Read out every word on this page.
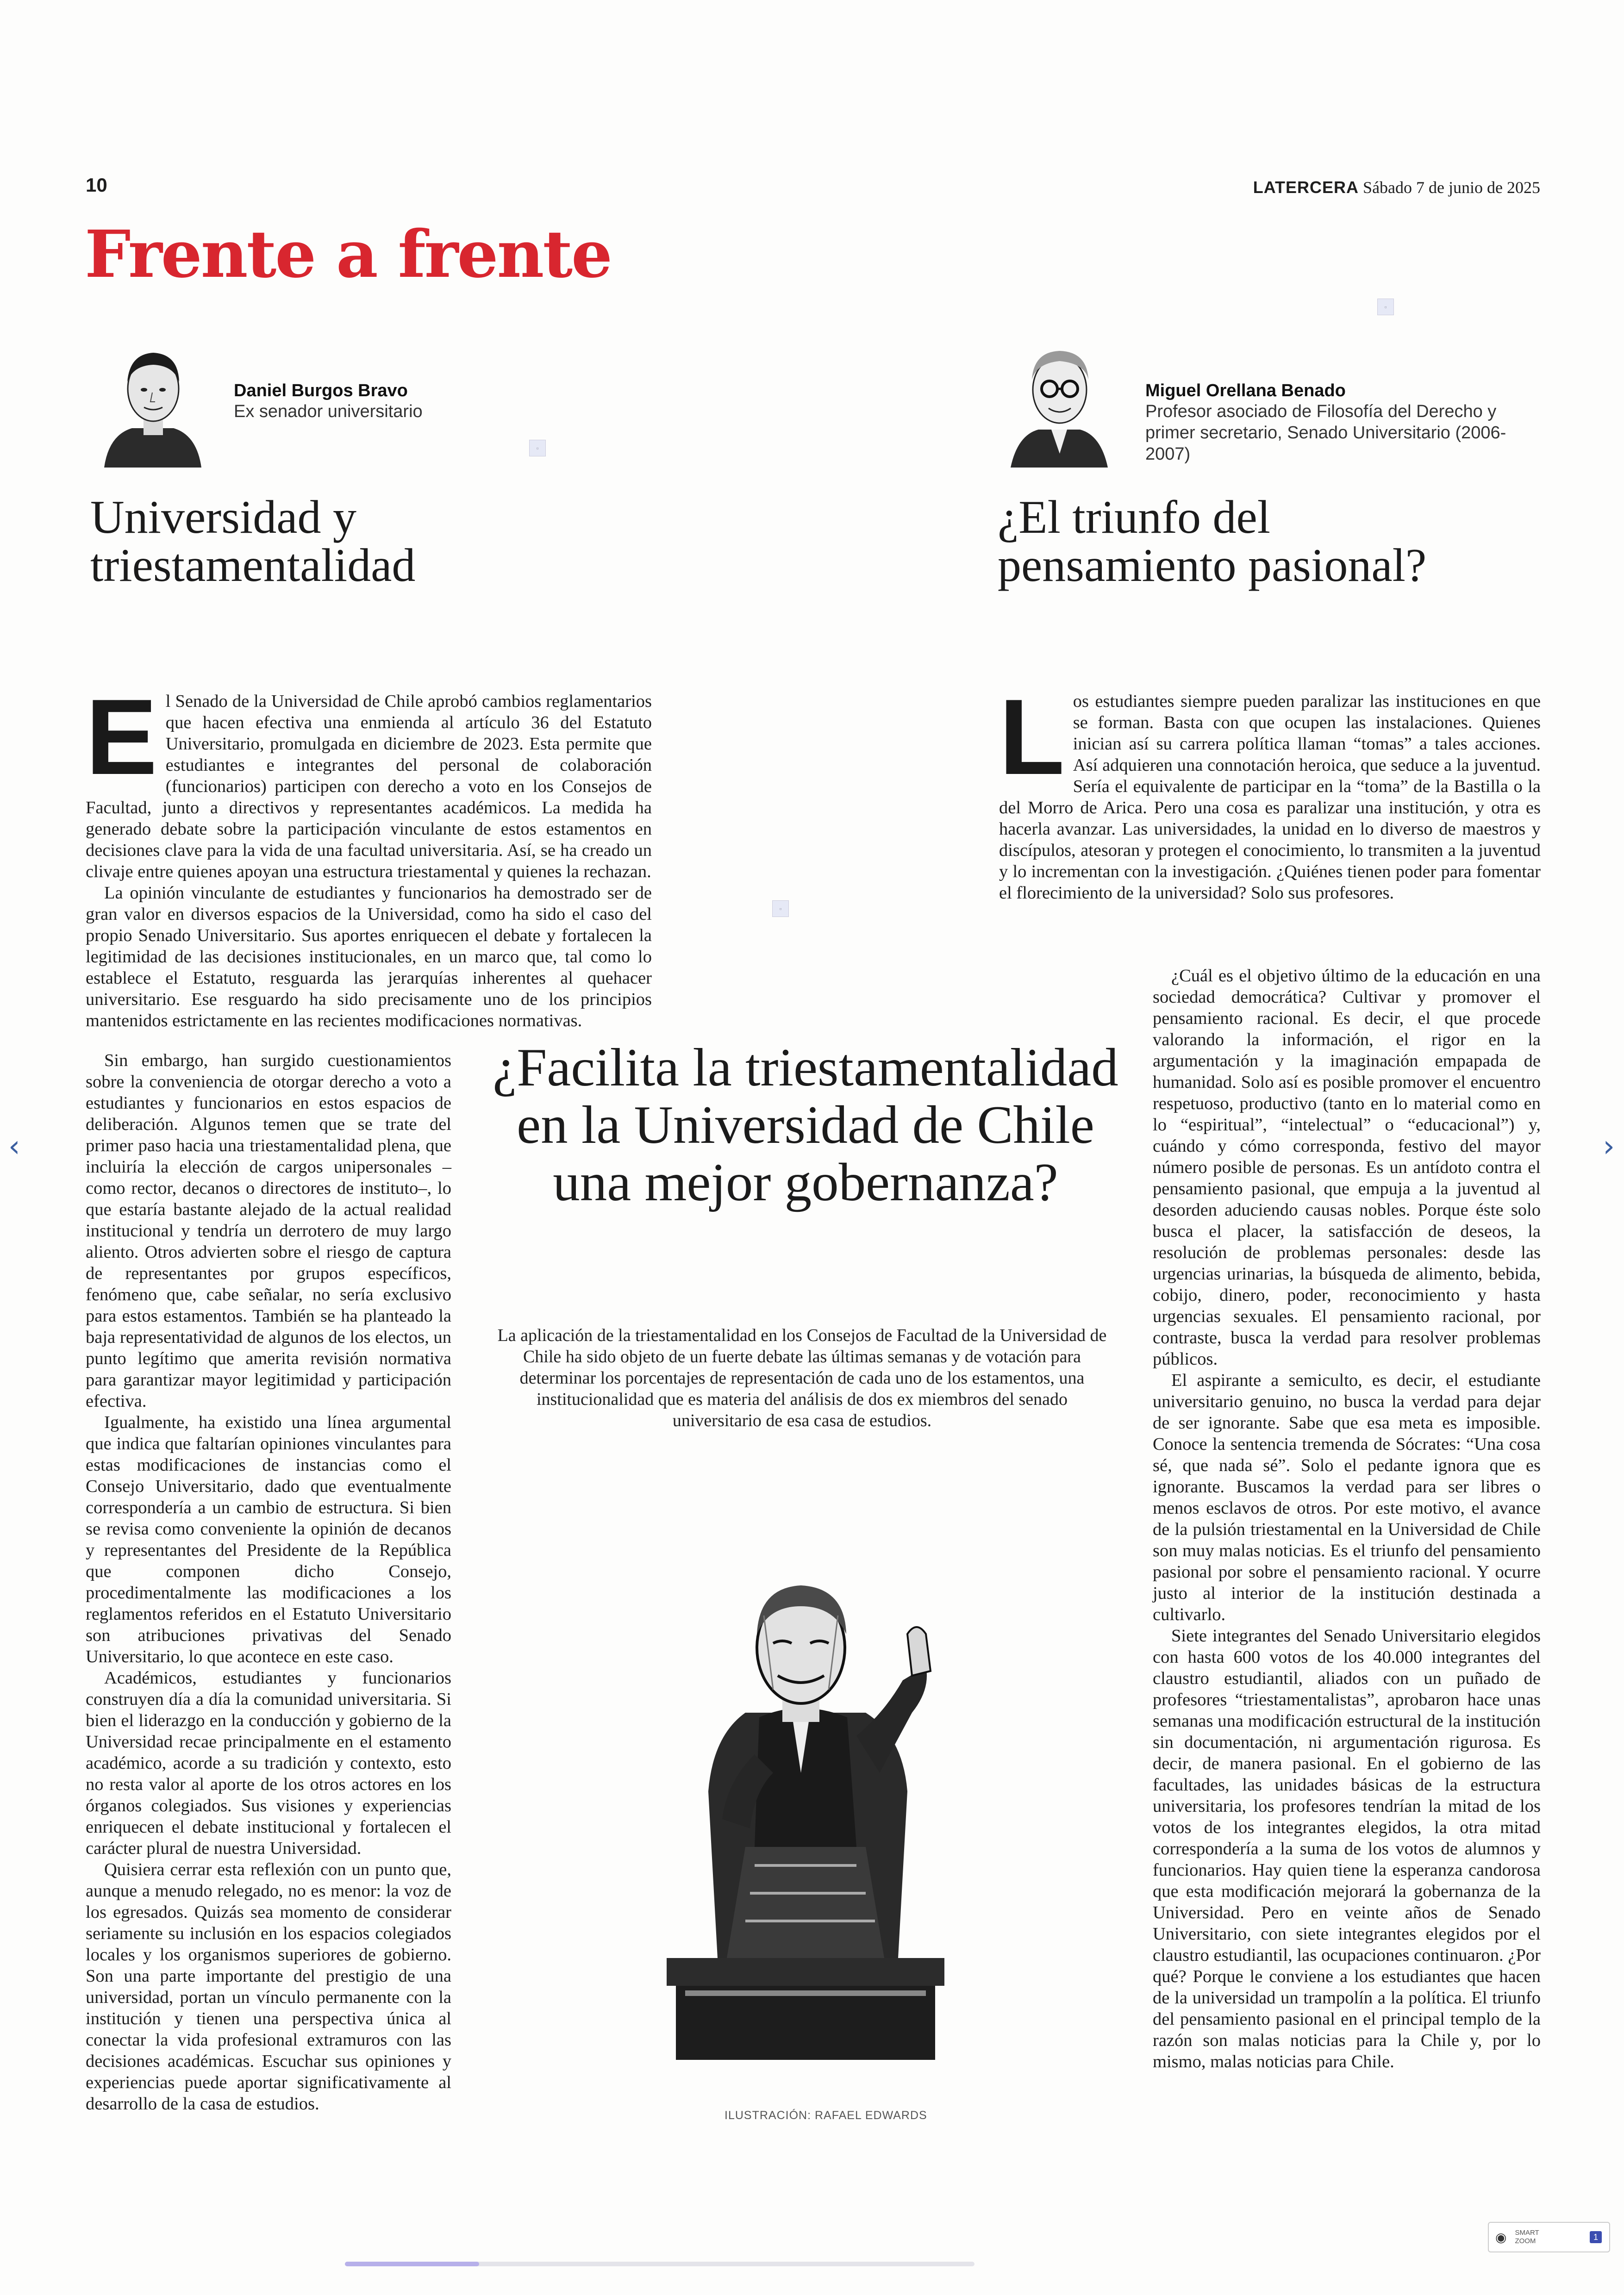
10	LATERCERA Sábado 7 de junio de 2025
Frente a frente
▫
▫
▫
Daniel Burgos Bravo
Ex senador universitario
Universidad y
triestamentalidad
E l Senado de la Universidad de Chile aprobó cambios reglamentarios que hacen efectiva una enmienda al artículo 36 del Estatuto Universitario, promulgada en diciembre de 2023. Esta permite que estudiantes e integrantes del personal de colaboración (funcionarios) participen con derecho a voto en los Consejos de Facultad, junto a directivos y representantes académicos. La medida ha generado debate sobre la participación vinculante de estos estamentos en decisiones clave para la vida de una facultad universitaria. Así, se ha creado un clivaje entre quienes apoyan una estructura triestamental y quienes la rechazan.

La opinión vinculante de estudiantes y funcionarios ha demostrado ser de gran valor en diversos espacios de la Universidad, como ha sido el caso del propio Senado Universitario. Sus aportes enriquecen el debate y fortalecen la legitimidad de las decisiones institucionales, en un marco que, tal como lo establece el Estatuto, resguarda las jerarquías inherentes al quehacer universitario. Ese resguardo ha sido precisamente uno de los principios mantenidos estrictamente en las recientes modificaciones normativas.

Sin embargo, han surgido cuestionamientos sobre la conveniencia de otorgar derecho a voto a estudiantes y funcionarios en estos espacios de deliberación. Algunos temen que se trate del primer paso hacia una triestamentalidad plena, que incluiría la elección de cargos unipersonales –como rector, decanos o directores de instituto–, lo que estaría bastante alejado de la actual realidad institucional y tendría un derrotero de muy largo aliento. Otros advierten sobre el riesgo de captura de representantes por grupos específicos, fenómeno que, cabe señalar, no sería exclusivo para estos estamentos. También se ha planteado la baja representatividad de algunos de los electos, un punto legítimo que amerita revisión normativa para garantizar mayor legitimidad y participación efectiva.

Igualmente, ha existido una línea argumental que indica que faltarían opiniones vinculantes para estas modificaciones de instancias como el Consejo Universitario, dado que eventualmente correspondería a un cambio de estructura. Si bien se revisa como conveniente la opinión de decanos y representantes del Presidente de la República que componen dicho Consejo, procedimentalmente las modificaciones a los reglamentos referidos en el Estatuto Universitario son atribuciones privativas del Senado Universitario, lo que acontece en este caso.

Académicos, estudiantes y funcionarios construyen día a día la comunidad universitaria. Si bien el liderazgo en la conducción y gobierno de la Universidad recae principalmente en el estamento académico, acorde a su tradición y contexto, esto no resta valor al aporte de los otros actores en los órganos colegiados. Sus visiones y experiencias enriquecen el debate institucional y fortalecen el carácter plural de nuestra Universidad.

Quisiera cerrar esta reflexión con un punto que, aunque a menudo relegado, no es menor: la voz de los egresados. Quizás sea momento de considerar seriamente su inclusión en los espacios colegiados locales y los organismos superiores de gobierno. Son una parte importante del prestigio de una universidad, portan un vínculo permanente con la institución y tienen una perspectiva única al conectar la vida profesional extramuros con las decisiones académicas. Escuchar sus opiniones y experiencias puede aportar significativamente al desarrollo de la casa de estudios.

Miguel Orellana Benado
Profesor asociado de Filosofía del Derecho y primer secretario, Senado Universitario (2006-2007)
¿El triunfo del
pensamiento pasional?
L os estudiantes siempre pueden paralizar las instituciones en que se forman. Basta con que ocupen las instalaciones. Quienes inician así su carrera política llaman “tomas” a tales acciones. Así adquieren una connotación heroica, que seduce a la juventud. Sería el equivalente de participar en la “toma” de la Bastilla o la del Morro de Arica. Pero una cosa es paralizar una institución, y otra es hacerla avanzar. Las universidades, la unidad en lo diverso de maestros y discípulos, atesoran y protegen el conocimiento, lo transmiten a la juventud y lo incrementan con la investigación. ¿Quiénes tienen poder para fomentar el florecimiento de la universidad? Solo sus profesores.

¿Cuál es el objetivo último de la educación en una sociedad democrática? Cultivar y promover el pensamiento racional. Es decir, el que procede valorando la información, el rigor en la argumentación y la imaginación empapada de humanidad. Solo así es posible promover el encuentro respetuoso, productivo (tanto en lo material como en lo “espiritual”, “intelectual” o “educacional”) y, cuándo y cómo corresponda, festivo del mayor número posible de personas. Es un antídoto contra el pensamiento pasional, que empuja a la juventud al desorden aduciendo causas nobles. Porque éste solo busca el placer, la satisfacción de deseos, la resolución de problemas personales: desde las urgencias urinarias, la búsqueda de alimento, bebida, cobijo, dinero, poder, reconocimiento y hasta urgencias sexuales. El pensamiento racional, por contraste, busca la verdad para resolver problemas públicos.

El aspirante a semiculto, es decir, el estudiante universitario genuino, no busca la verdad para dejar de ser ignorante. Sabe que esa meta es imposible. Conoce la sentencia tremenda de Sócrates: “Una cosa sé, que nada sé”. Solo el pedante ignora que es ignorante. Buscamos la verdad para ser libres o menos esclavos de otros. Por este motivo, el avance de la pulsión triestamental en la Universidad de Chile son muy malas noticias. Es el triunfo del pensamiento pasional por sobre el pensamiento racional. Y ocurre justo al interior de la institución destinada a cultivarlo.

Siete integrantes del Senado Universitario elegidos con hasta 600 votos de los 40.000 integrantes del claustro estudiantil, aliados con un puñado de profesores “triestamentalistas”, aprobaron hace unas semanas una modificación estructural de la institución sin documentación, ni argumentación rigurosa. Es decir, de manera pasional. En el gobierno de las facultades, las unidades básicas de la estructura universitaria, los profesores tendrían la mitad de los votos de los integrantes elegidos, la otra mitad correspondería a la suma de los votos de alumnos y funcionarios. Hay quien tiene la esperanza candorosa que esta modificación mejorará la gobernanza de la Universidad. Pero en veinte años de Senado Universitario, con siete integrantes elegidos por el claustro estudiantil, las ocupaciones continuaron. ¿Por qué? Porque le conviene a los estudiantes que hacen de la universidad un trampolín a la política. El triunfo del pensamiento pasional en el principal templo de la razón son malas noticias para la Chile y, por lo mismo, malas noticias para Chile.

¿Facilita la triestamentalidad en la Universidad de Chile una mejor gobernanza?
La aplicación de la triestamentalidad en los Consejos de Facultad de la Universidad de Chile ha sido objeto de un fuerte debate las últimas semanas y de votación para determinar los porcentajes de representación de cada uno de los estamentos, una institucionalidad que es materia del análisis de dos ex miembros del senado universitario de esa casa de estudios.
ILUSTRACIÓN: RAFAEL EDWARDS
‹	›
◉ SMART
ZOOM	1
